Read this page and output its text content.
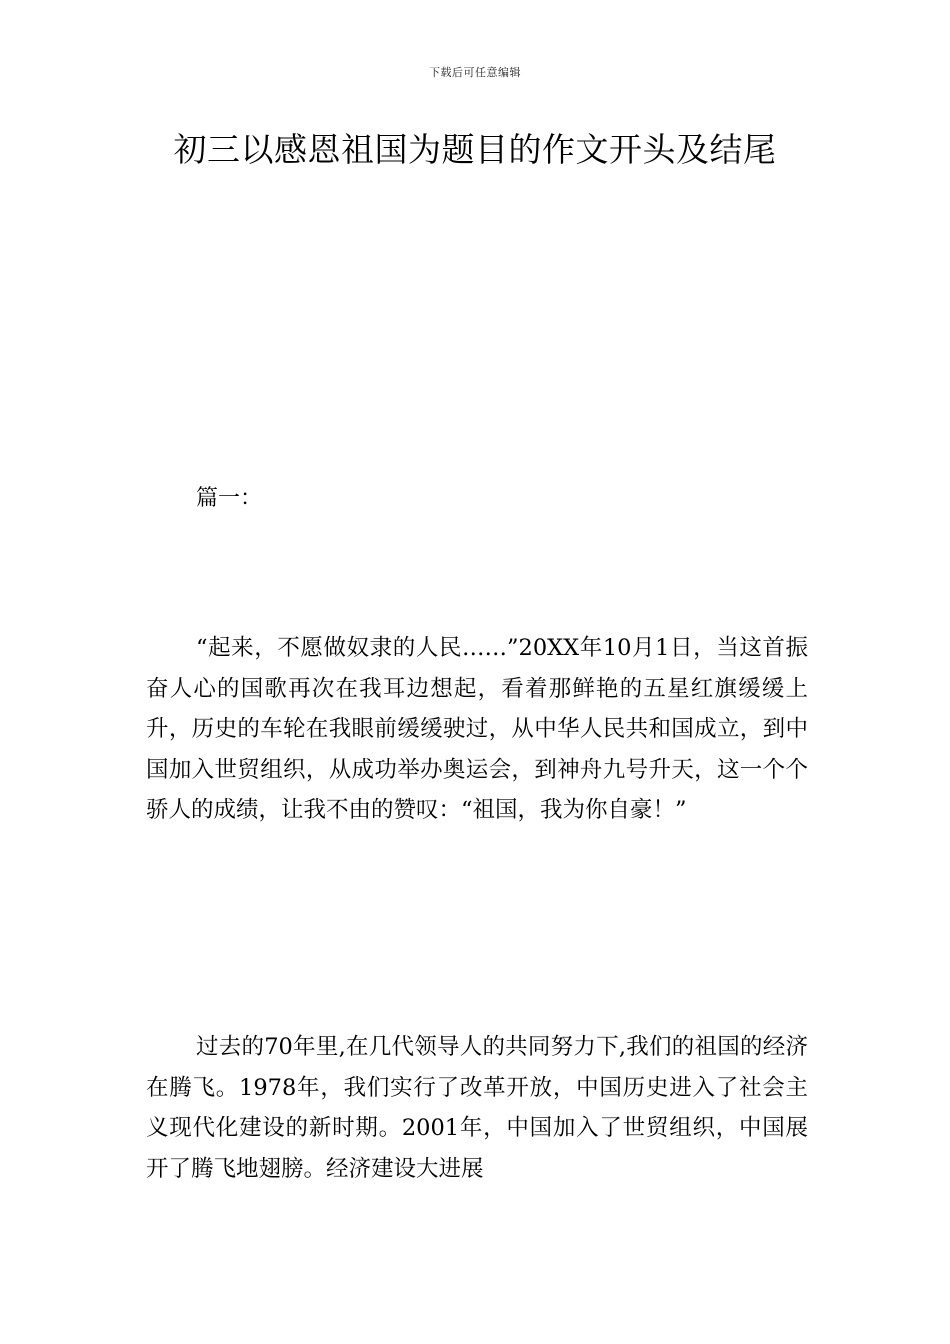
下载后可任意编辑
初三以感恩祖国为题目的作文开头及结尾
篇一：

“起来，不愿做奴隶的人民……”20XX年10月1日，当这首振奋人心的国歌再次在我耳边想起，看着那鲜艳的五星红旗缓缓上升，历史的车轮在我眼前缓缓驶过，从中华人民共和国成立，到中国加入世贸组织，从成功举办奥运会，到神舟九号升天，这一个个骄人的成绩，让我不由的赞叹：“祖国，我为你自豪！”

过去的70年里,在几代领导人的共同努力下,我们的祖国的经济在腾飞。1978年，我们实行了改革开放，中国历史进入了社会主义现代化建设的新时期。2001年，中国加入了世贸组织，中国展开了腾飞地翅膀。经济建设大进展
